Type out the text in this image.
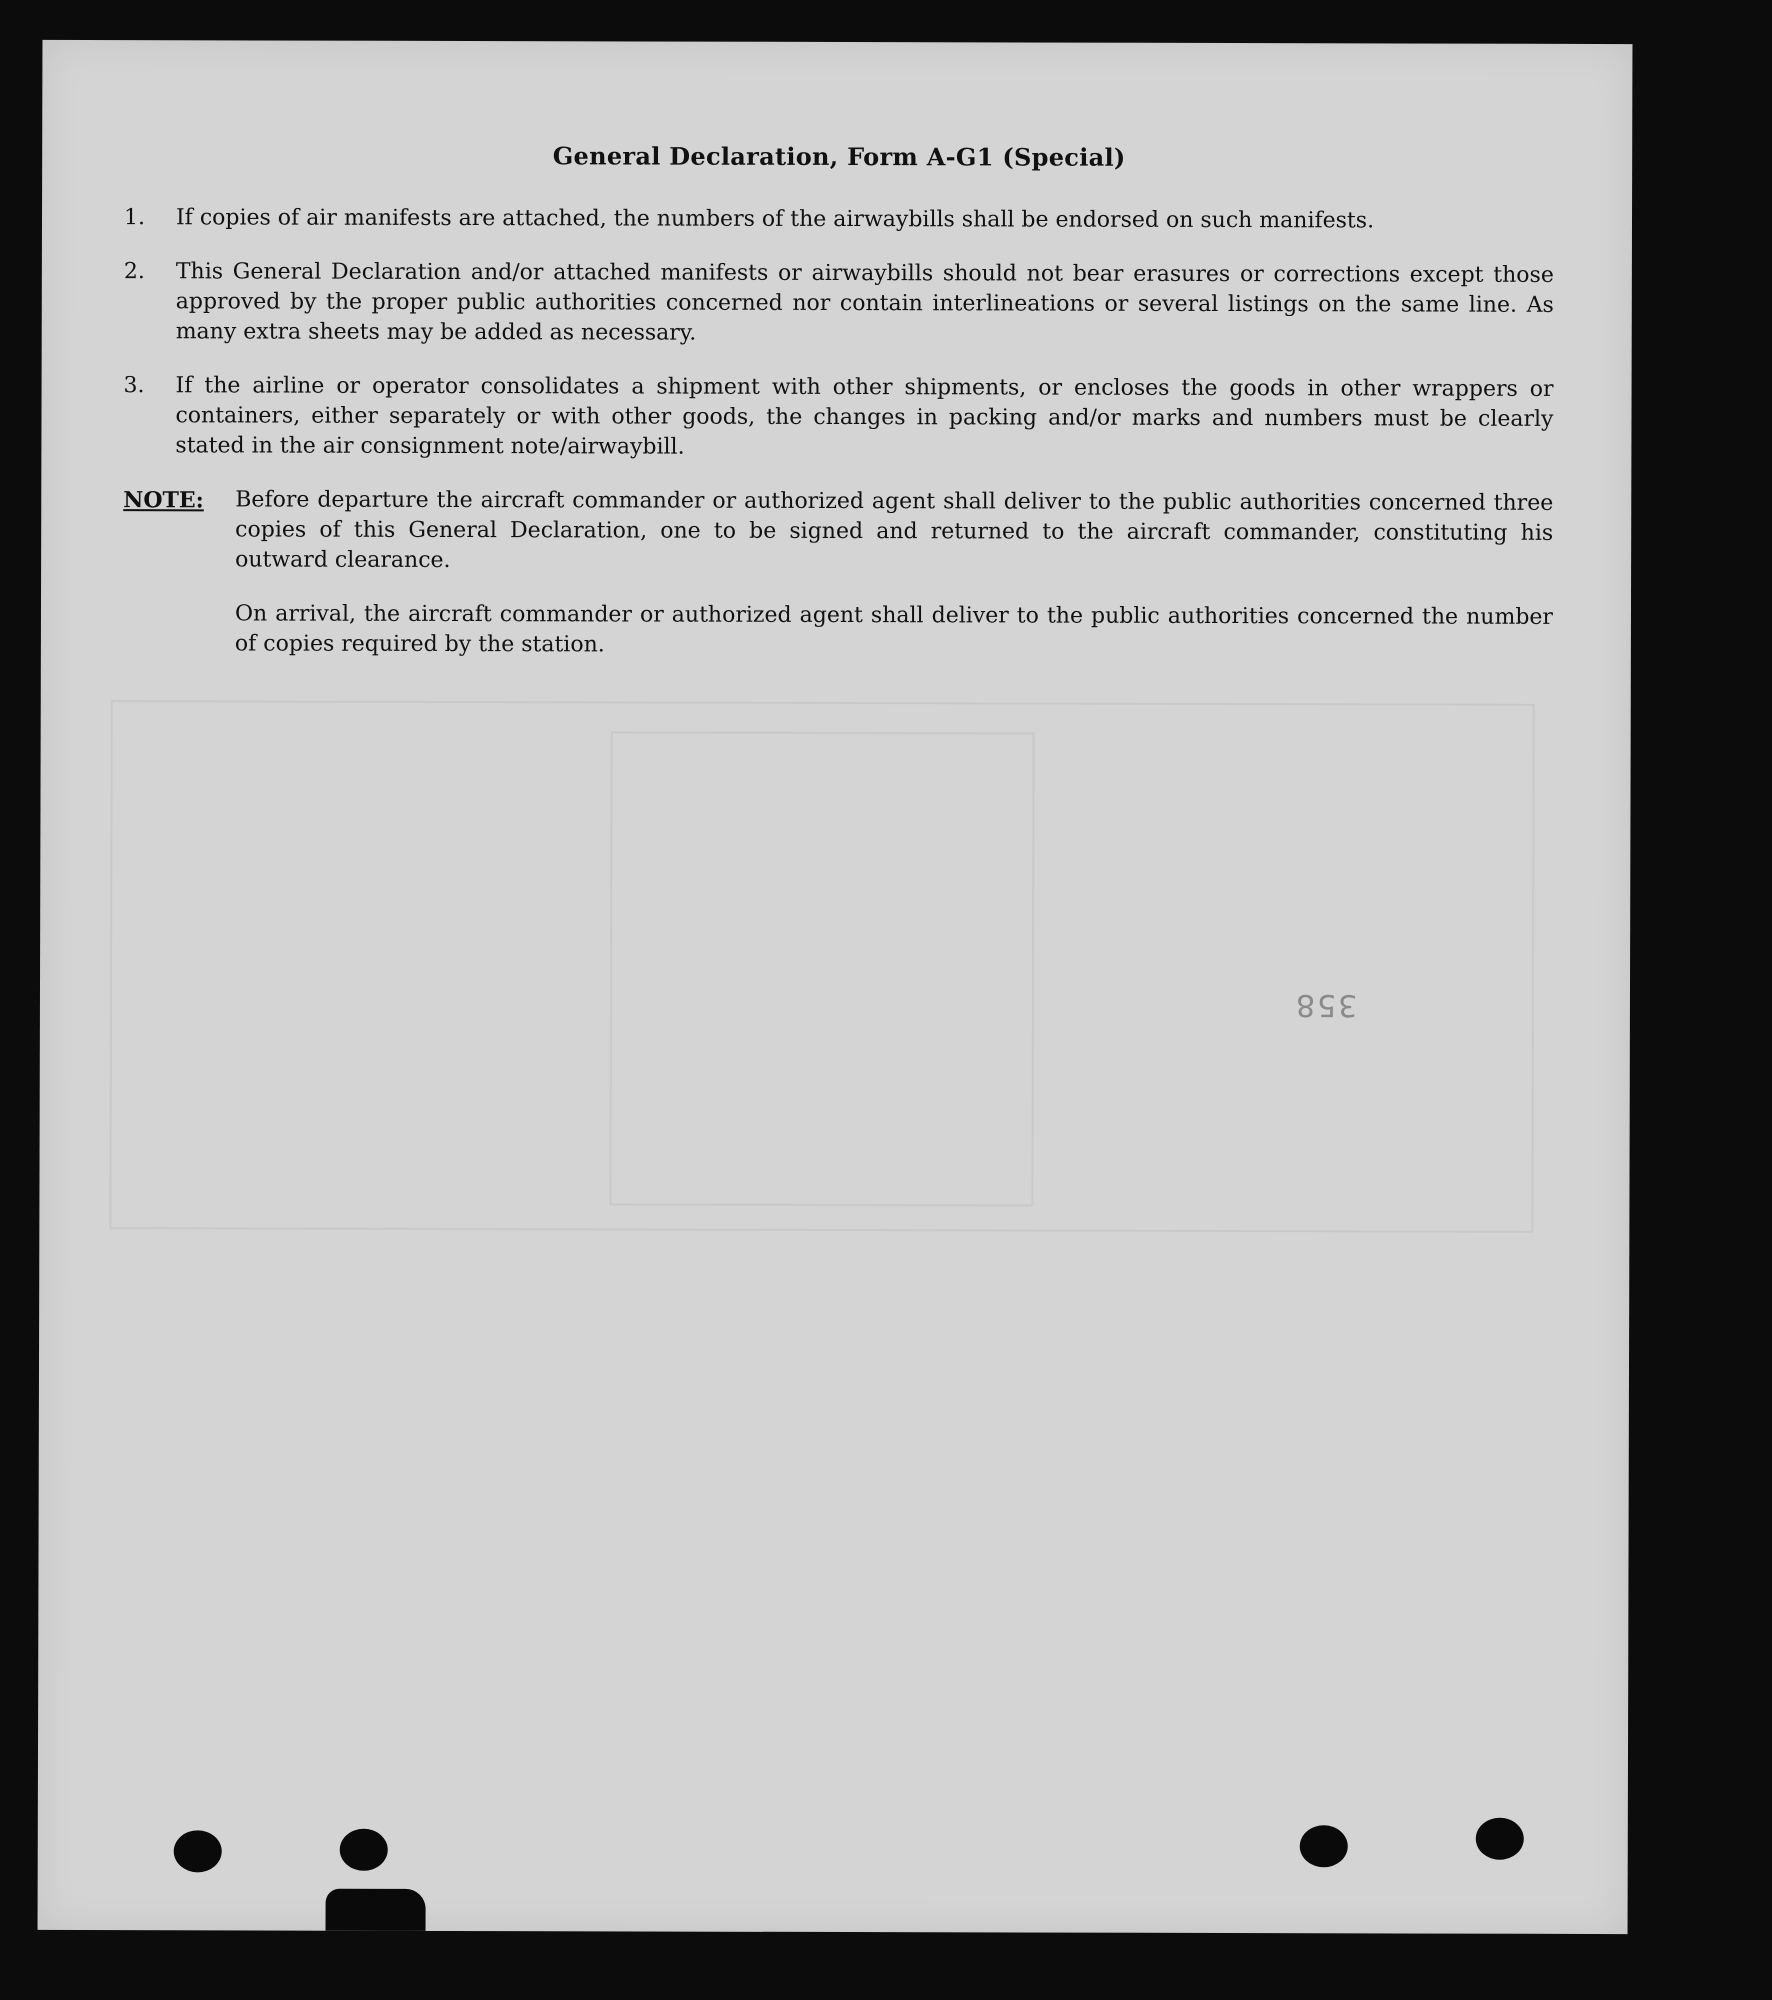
General Declaration, Form A-G1 (Special)
1.	If copies of air manifests are attached, the numbers of the airwaybills shall be endorsed on such manifests.
2.	This General Declaration and/or attached manifests or airwaybills should not bear erasures or corrections except those approved by the proper public authorities concerned nor contain interlineations or several listings on the same line. As many extra sheets may be added as necessary.
3.	If the airline or operator consolidates a shipment with other shipments, or encloses the goods in other wrappers or containers, either separately or with other goods, the changes in packing and/or marks and numbers must be clearly stated in the air consignment note/airwaybill.
NOTE:	Before departure the aircraft commander or authorized agent shall deliver to the public authorities concerned three copies of this General Declaration, one to be signed and returned to the aircraft commander, constituting his outward clearance.
On arrival, the aircraft commander or authorized agent shall deliver to the public authorities concerned the number of copies required by the station.
358
